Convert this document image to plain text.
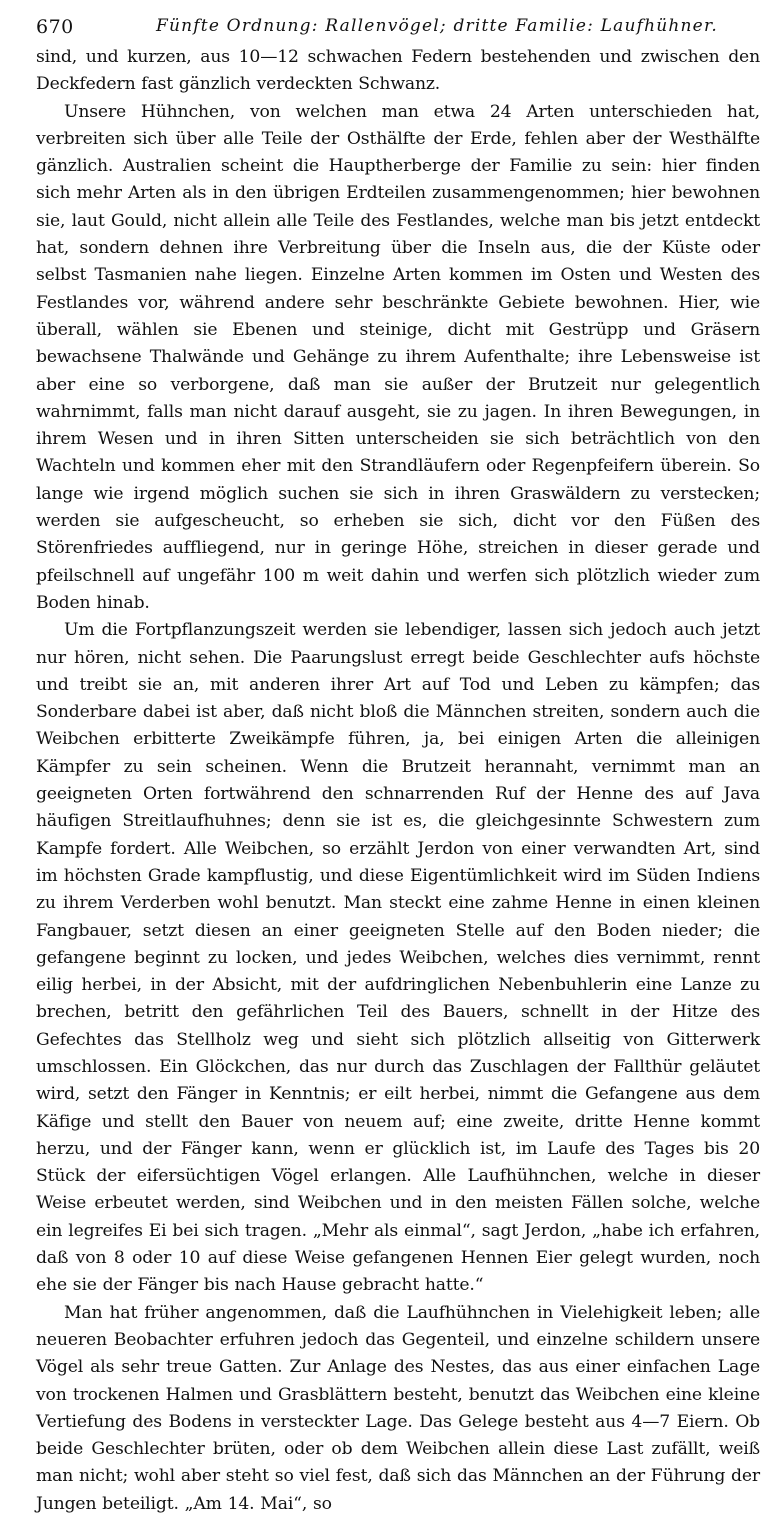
670	Fünfte Ordnung: Rallenvögel; dritte Familie: Laufhühner.

sind, und kurzen, aus 10—12 schwachen Federn bestehenden und zwischen den Deckfedern fast gänzlich verdeckten Schwanz.

Unsere Hühnchen, von welchen man etwa 24 Arten unterschieden hat, verbreiten sich über alle Teile der Osthälfte der Erde, fehlen aber der Westhälfte gänzlich. Australien scheint die Hauptherberge der Familie zu sein: hier finden sich mehr Arten als in den übrigen Erdteilen zusammengenommen; hier bewohnen sie, laut Gould, nicht allein alle Teile des Festlandes, welche man bis jetzt entdeckt hat, sondern dehnen ihre Verbreitung über die Inseln aus, die der Küste oder selbst Tasmanien nahe liegen. Einzelne Arten kommen im Osten und Westen des Festlandes vor, während andere sehr beschränkte Gebiete bewohnen. Hier, wie überall, wählen sie Ebenen und steinige, dicht mit Gestrüpp und Gräsern bewachsene Thalwände und Gehänge zu ihrem Aufenthalte; ihre Lebensweise ist aber eine so verborgene, daß man sie außer der Brutzeit nur gelegentlich wahrnimmt, falls man nicht darauf ausgeht, sie zu jagen. In ihren Bewegungen, in ihrem Wesen und in ihren Sitten unterscheiden sie sich beträchtlich von den Wachteln und kommen eher mit den Strandläufern oder Regenpfeifern überein. So lange wie irgend möglich suchen sie sich in ihren Graswäldern zu verstecken; werden sie aufgescheucht, so erheben sie sich, dicht vor den Füßen des Störenfriedes auffliegend, nur in geringe Höhe, streichen in dieser gerade und pfeilschnell auf ungefähr 100 m weit dahin und werfen sich plötzlich wieder zum Boden hinab.

Um die Fortpflanzungszeit werden sie lebendiger, lassen sich jedoch auch jetzt nur hören, nicht sehen. Die Paarungslust erregt beide Geschlechter aufs höchste und treibt sie an, mit anderen ihrer Art auf Tod und Leben zu kämpfen; das Sonderbare dabei ist aber, daß nicht bloß die Männchen streiten, sondern auch die Weibchen erbitterte Zweikämpfe führen, ja, bei einigen Arten die alleinigen Kämpfer zu sein scheinen. Wenn die Brutzeit herannaht, vernimmt man an geeigneten Orten fortwährend den schnarrenden Ruf der Henne des auf Java häufigen Streitlaufhuhnes; denn sie ist es, die gleichgesinnte Schwestern zum Kampfe fordert. Alle Weibchen, so erzählt Jerdon von einer verwandten Art, sind im höchsten Grade kampflustig, und diese Eigentümlichkeit wird im Süden Indiens zu ihrem Verderben wohl benutzt. Man steckt eine zahme Henne in einen kleinen Fangbauer, setzt diesen an einer geeigneten Stelle auf den Boden nieder; die gefangene beginnt zu locken, und jedes Weibchen, welches dies vernimmt, rennt eilig herbei, in der Absicht, mit der aufdringlichen Nebenbuhlerin eine Lanze zu brechen, betritt den gefährlichen Teil des Bauers, schnellt in der Hitze des Gefechtes das Stellholz weg und sieht sich plötzlich allseitig von Gitterwerk umschlossen. Ein Glöckchen, das nur durch das Zuschlagen der Fallthür geläutet wird, setzt den Fänger in Kenntnis; er eilt herbei, nimmt die Gefangene aus dem Käfige und stellt den Bauer von neuem auf; eine zweite, dritte Henne kommt herzu, und der Fänger kann, wenn er glücklich ist, im Laufe des Tages bis 20 Stück der eifersüchtigen Vögel erlangen. Alle Laufhühnchen, welche in dieser Weise erbeutet werden, sind Weibchen und in den meisten Fällen solche, welche ein legreifes Ei bei sich tragen. „Mehr als einmal“, sagt Jerdon, „habe ich erfahren, daß von 8 oder 10 auf diese Weise gefangenen Hennen Eier gelegt wurden, noch ehe sie der Fänger bis nach Hause gebracht hatte.“

Man hat früher angenommen, daß die Laufhühnchen in Vielehigkeit leben; alle neueren Beobachter erfuhren jedoch das Gegenteil, und einzelne schildern unsere Vögel als sehr treue Gatten. Zur Anlage des Nestes, das aus einer einfachen Lage von trockenen Halmen und Grasblättern besteht, benutzt das Weibchen eine kleine Vertiefung des Bodens in versteckter Lage. Das Gelege besteht aus 4—7 Eiern. Ob beide Geschlechter brüten, oder ob dem Weibchen allein diese Last zufällt, weiß man nicht; wohl aber steht so viel fest, daß sich das Männchen an der Führung der Jungen beteiligt. „Am 14. Mai“, so
